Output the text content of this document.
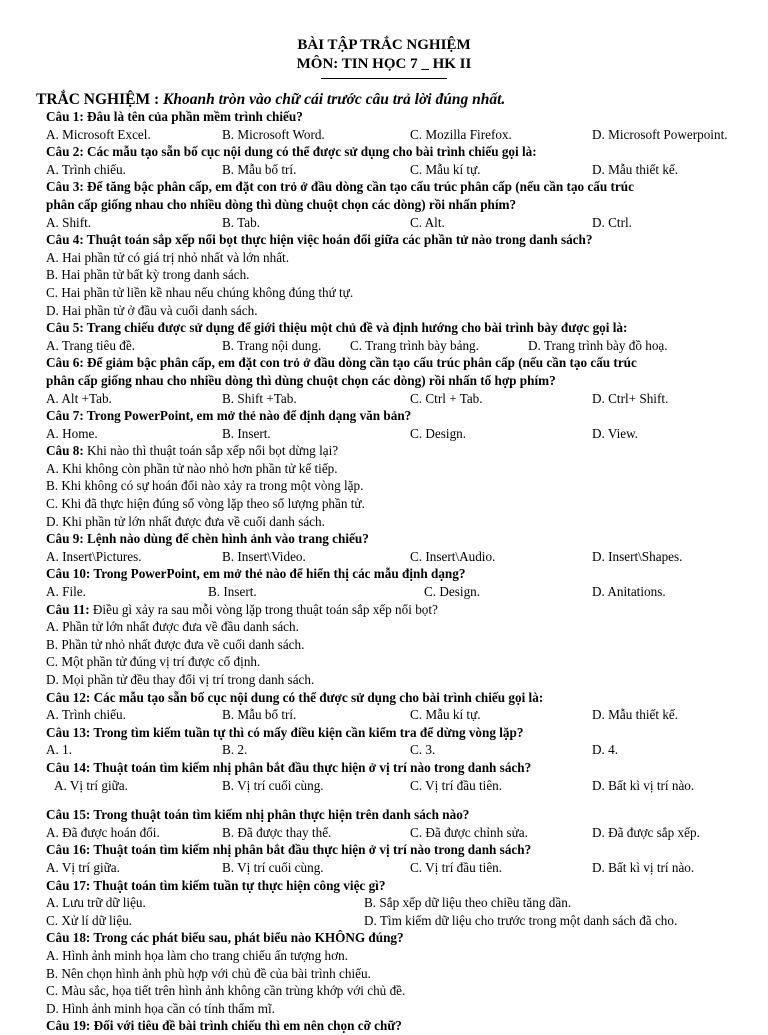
BÀI TẬP TRẮC NGHIỆM
MÔN: TIN HỌC 7 _ HK II
TRẮC NGHIỆM : Khoanh tròn vào chữ cái trước câu trả lời đúng nhất.
Câu 1: Đâu là tên của phần mềm trình chiếu?
A. Microsoft Excel.	B. Microsoft Word.	C. Mozilla Firefox.	D. Microsoft Powerpoint.
Câu 2: Các mẫu tạo sẵn bố cục nội dung có thể được sử dụng cho bài trình chiếu gọi là:
A. Trình chiếu.	B. Mẫu bố trí.	C. Mẫu kí tự.	D. Mẫu thiết kế.
Câu 3: Để tăng bậc phân cấp, em đặt con trỏ ở đầu dòng cần tạo cấu trúc phân cấp (nếu cần tạo cấu trúc
phân cấp giống nhau cho nhiều dòng thì dùng chuột chọn các dòng) rồi nhấn phím?
A. Shift.	B. Tab.	C. Alt.	D. Ctrl.
Câu 4: Thuật toán sắp xếp nổi bọt thực hiện việc hoán đổi giữa các phần tử nào trong danh sách?
A. Hai phần tử có giá trị nhỏ nhất và lớn nhất.
B. Hai phần tử bất kỳ trong danh sách.
C. Hai phần tử liền kề nhau nếu chúng không đúng thứ tự.
D. Hai phần tử ở đầu và cuối danh sách.
Câu 5: Trang chiếu được sử dụng để giới thiệu một chủ đề và định hướng cho bài trình bày được gọi là:
A. Trang tiêu đề.	B. Trang nội dung.	C. Trang trình bày bảng.	D. Trang trình bày đồ hoạ.
Câu 6: Để giảm bậc phân cấp, em đặt con trỏ ở đầu dòng cần tạo cấu trúc phân cấp (nếu cần tạo cấu trúc
phân cấp giống nhau cho nhiều dòng thì dùng chuột chọn các dòng) rồi nhấn tổ hợp phím?
A. Alt +Tab.	B. Shift +Tab.	C. Ctrl + Tab.	D. Ctrl+ Shift.
Câu 7: Trong PowerPoint, em mở thẻ nào để định dạng văn bản?
A. Home.	B. Insert.	C. Design.	D. View.
Câu 8: Khi nào thì thuật toán sắp xếp nổi bọt dừng lại?
A. Khi không còn phần tử nào nhỏ hơn phần tử kế tiếp.
B. Khi không có sự hoán đổi nào xảy ra trong một vòng lặp.
C. Khi đã thực hiện đúng số vòng lặp theo số lượng phần tử.
D. Khi phần tử lớn nhất được đưa về cuối danh sách.
Câu 9: Lệnh nào dùng để chèn hình ảnh vào trang chiếu?
A. Insert\Pictures.	B. Insert\Video.	C. Insert\Audio.	D. Insert\Shapes.
Câu 10: Trong PowerPoint, em mở thẻ nào để hiển thị các mẫu định dạng?
A. File.	B. Insert.	C. Design.	D. Anitations.
Câu 11: Điều gì xảy ra sau mỗi vòng lặp trong thuật toán sắp xếp nổi bọt?
A. Phần tử lớn nhất được đưa về đầu danh sách.
B. Phần tử nhỏ nhất được đưa về cuối danh sách.
C. Một phần tử đúng vị trí được cố định.
D. Mọi phần tử đều thay đổi vị trí trong danh sách.
Câu 12: Các mẫu tạo sẵn bố cục nội dung có thể được sử dụng cho bài trình chiếu gọi là:
A. Trình chiếu.	B. Mẫu bố trí.	C. Mẫu kí tự.	D. Mẫu thiết kế.
Câu 13: Trong tìm kiếm tuần tự thì có mấy điều kiện cần kiểm tra để dừng vòng lặp?
A. 1.	B. 2.	C. 3.	D. 4.
Câu 14: Thuật toán tìm kiếm nhị phân bắt đầu thực hiện ở vị trí nào trong danh sách?
A. Vị trí giữa.	B. Vị trí cuối cùng.	C. Vị trí đầu tiên.	D. Bất kì vị trí nào.
Câu 15: Trong thuật toán tìm kiếm nhị phân thực hiện trên danh sách nào?
A. Đã được hoán đổi.	B. Đã được thay thế.	C. Đã được chỉnh sửa.	D. Đã được sắp xếp.
Câu 16: Thuật toán tìm kiếm nhị phân bắt đầu thực hiện ở vị trí nào trong danh sách?
A. Vị trí giữa.	B. Vị trí cuối cùng.	C. Vị trí đầu tiên.	D. Bất kì vị trí nào.
Câu 17: Thuật toán tìm kiếm tuần tự thực hiện công việc gì?
A. Lưu trữ dữ liệu.	B. Sắp xếp dữ liệu theo chiều tăng dần.
C. Xử lí dữ liệu.	D. Tìm kiếm dữ liệu cho trước trong một danh sách đã cho.
Câu 18: Trong các phát biểu sau, phát biểu nào KHÔNG đúng?
A. Hình ảnh minh họa làm cho trang chiếu ấn tượng hơn.
B. Nên chọn hình ảnh phù hợp với chủ đề của bài trình chiếu.
C. Màu sắc, họa tiết trên hình ảnh không cần trùng khớp với chủ đề.
D. Hình ảnh minh họa cần có tính thẩm mĩ.
Câu 19: Đối với tiêu đề bài trình chiếu thì em nên chọn cỡ chữ?
